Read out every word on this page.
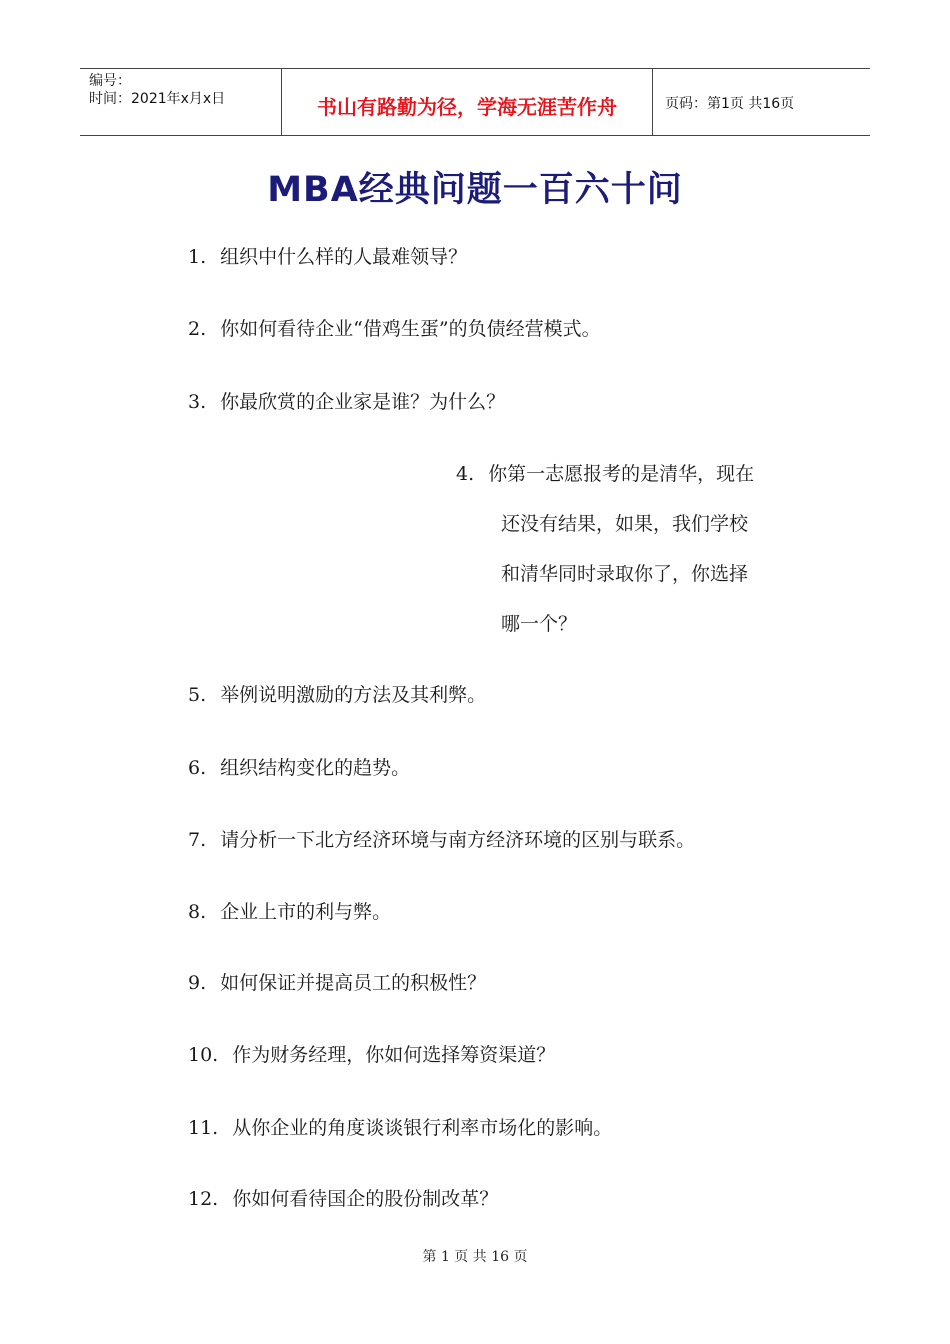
编号：
时间：2021年x月x日	书山有路勤为径，学海无涯苦作舟	页码：第1页 共16页
MBA经典问题一百六十问
1. 组织中什么样的人最难领导？
2. 你如何看待企业“借鸡生蛋”的负债经营模式。
3. 你最欣赏的企业家是谁？为什么？
4. 你第一志愿报考的是清华，现在
还没有结果，如果，我们学校
和清华同时录取你了，你选择
哪一个？
5. 举例说明激励的方法及其利弊。
6. 组织结构变化的趋势。
7. 请分析一下北方经济环境与南方经济环境的区别与联系。
8. 企业上市的利与弊。
9. 如何保证并提高员工的积极性？
10. 作为财务经理，你如何选择筹资渠道？
11. 从你企业的角度谈谈银行利率市场化的影响。
12. 你如何看待国企的股份制改革？
第 1 页 共 16 页
